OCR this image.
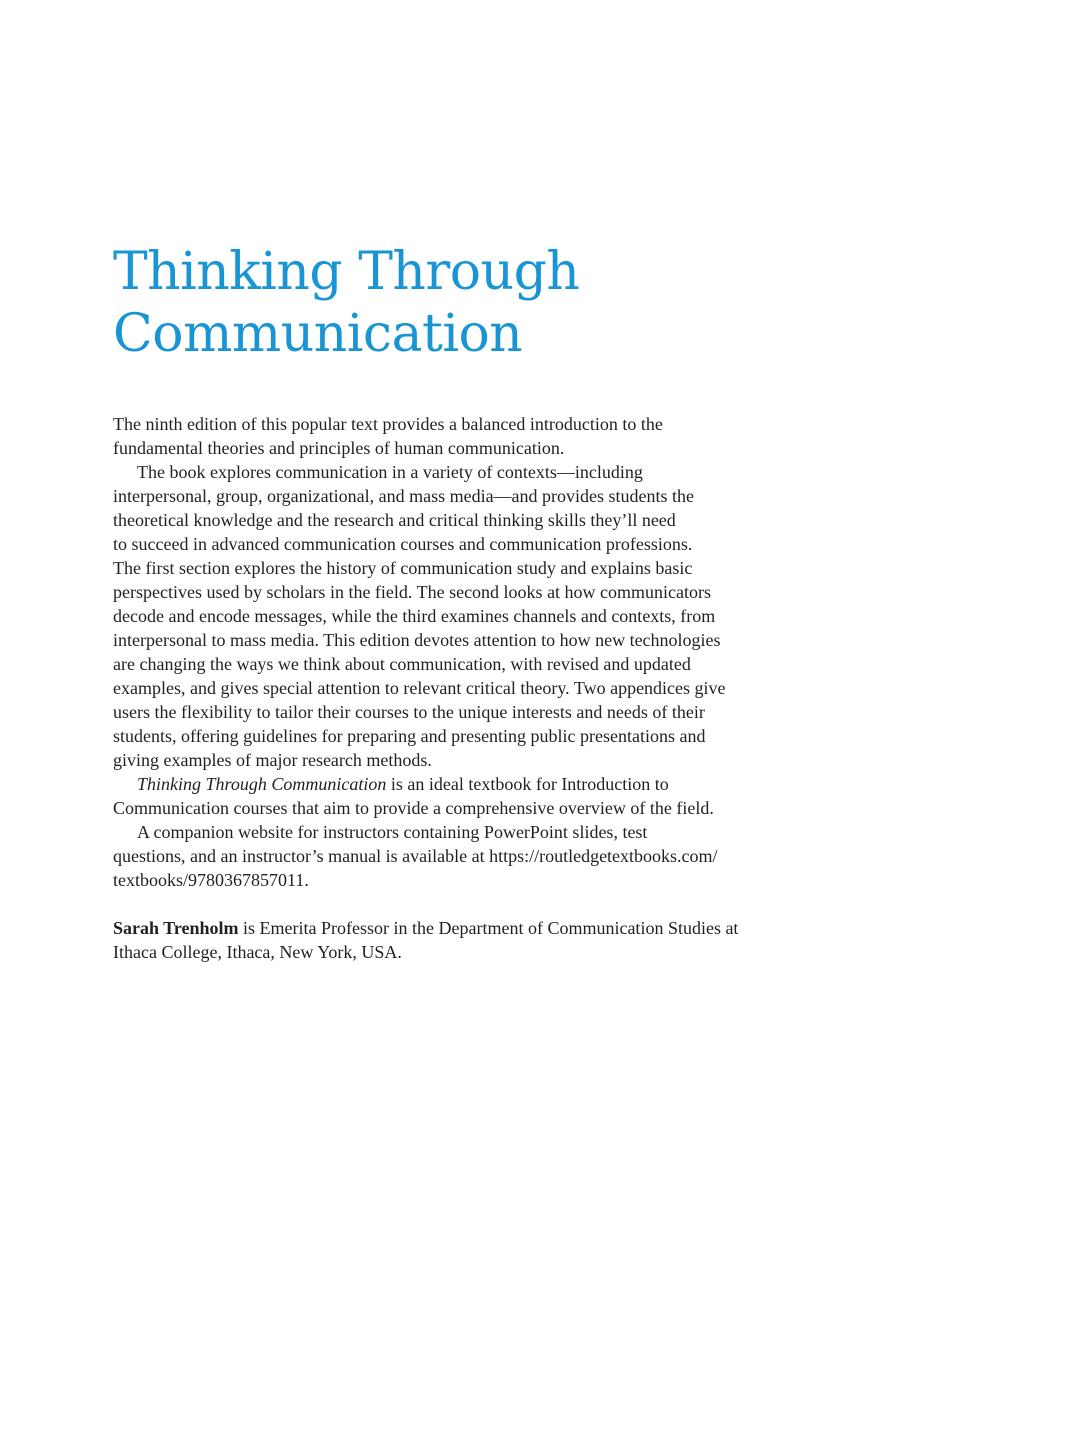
Thinking Through
Communication
The ninth edition of this popular text provides a balanced introduction to the
fundamental theories and principles of human communication.
The book explores communication in a variety of contexts—including
interpersonal, group, organizational, and mass media—and provides students the
theoretical knowledge and the research and critical thinking skills they’ll need
to succeed in advanced communication courses and communication professions.
The first section explores the history of communication study and explains basic
perspectives used by scholars in the field. The second looks at how communicators
decode and encode messages, while the third examines channels and contexts, from
interpersonal to mass media. This edition devotes attention to how new technologies
are changing the ways we think about communication, with revised and updated
examples, and gives special attention to relevant critical theory. Two appendices give
users the flexibility to tailor their courses to the unique interests and needs of their
students, offering guidelines for preparing and presenting public presentations and
giving examples of major research methods.
Thinking Through Communication is an ideal textbook for Introduction to
Communication courses that aim to provide a comprehensive overview of the field.
A companion website for instructors containing PowerPoint slides, test
questions, and an instructor’s manual is available at https://routledgetextbooks.com/
textbooks/9780367857011.
Sarah Trenholm is Emerita Professor in the Department of Communication Studies at
Ithaca College, Ithaca, New York, USA.
